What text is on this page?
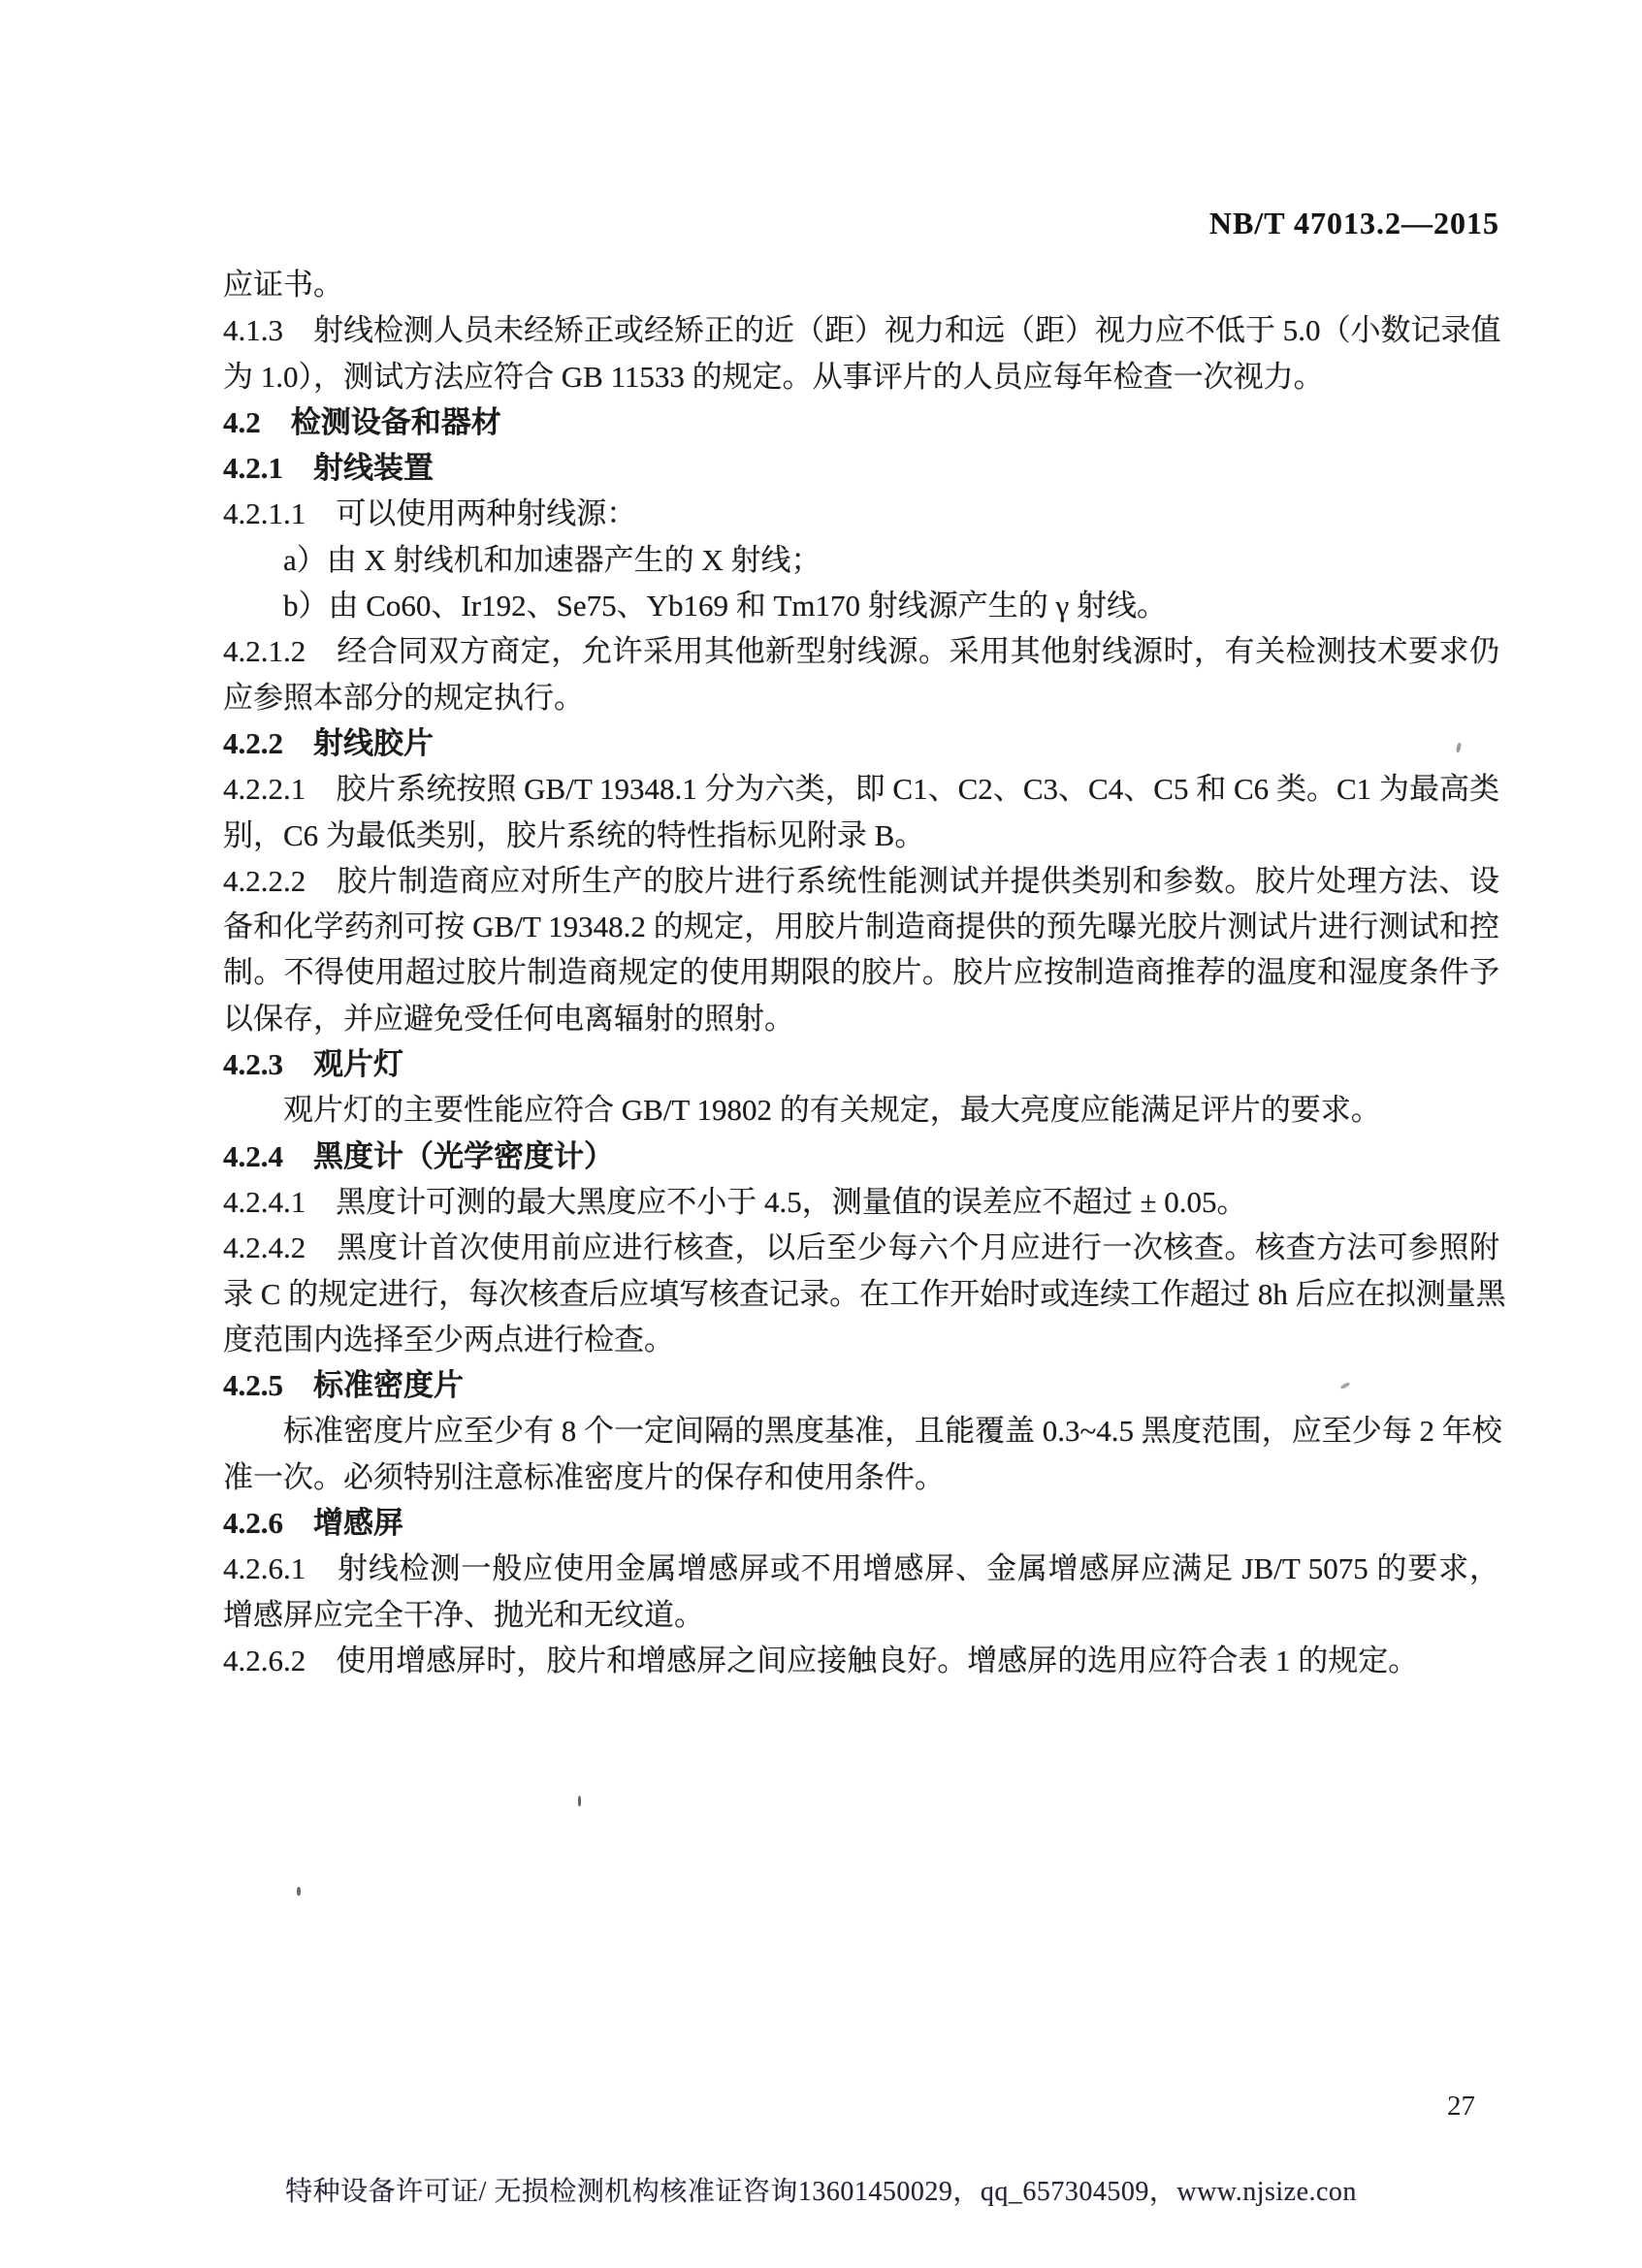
NB/T 47013.2—2015
应证书。
4.1.3　射线检测人员未经矫正或经矫正的近（距）视力和远（距）视力应不低于 5.0（小数记录值
为 1.0），测试方法应符合 GB 11533 的规定。从事评片的人员应每年检查一次视力。
4.2　检测设备和器材
4.2.1　射线装置
4.2.1.1　可以使用两种射线源：
　　a）由 X 射线机和加速器产生的 X 射线；
　　b）由 Co60、Ir192、Se75、Yb169 和 Tm170 射线源产生的 γ 射线。
4.2.1.2　经合同双方商定，允许采用其他新型射线源。采用其他射线源时，有关检测技术要求仍
应参照本部分的规定执行。
4.2.2　射线胶片
4.2.2.1　胶片系统按照 GB/T 19348.1 分为六类，即 C1、C2、C3、C4、C5 和 C6 类。C1 为最高类
别，C6 为最低类别，胶片系统的特性指标见附录 B。
4.2.2.2　胶片制造商应对所生产的胶片进行系统性能测试并提供类别和参数。胶片处理方法、设
备和化学药剂可按 GB/T 19348.2 的规定，用胶片制造商提供的预先曝光胶片测试片进行测试和控
制。不得使用超过胶片制造商规定的使用期限的胶片。胶片应按制造商推荐的温度和湿度条件予
以保存，并应避免受任何电离辐射的照射。
4.2.3　观片灯
　　观片灯的主要性能应符合 GB/T 19802 的有关规定，最大亮度应能满足评片的要求。
4.2.4　黑度计（光学密度计）
4.2.4.1　黑度计可测的最大黑度应不小于 4.5，测量值的误差应不超过 ± 0.05。
4.2.4.2　黑度计首次使用前应进行核查，以后至少每六个月应进行一次核查。核查方法可参照附
录 C 的规定进行，每次核查后应填写核查记录。在工作开始时或连续工作超过 8h 后应在拟测量黑
度范围内选择至少两点进行检查。
4.2.5　标准密度片
　　标准密度片应至少有 8 个一定间隔的黑度基准，且能覆盖 0.3~4.5 黑度范围，应至少每 2 年校
准一次。必须特别注意标准密度片的保存和使用条件。
4.2.6　增感屏
4.2.6.1　射线检测一般应使用金属增感屏或不用增感屏、金属增感屏应满足 JB/T 5075 的要求，
增感屏应完全干净、抛光和无纹道。
4.2.6.2　使用增感屏时，胶片和增感屏之间应接触良好。增感屏的选用应符合表 1 的规定。
27
特种设备许可证/ 无损检测机构核准证咨询13601450029，qq_657304509，www.njsize.con
